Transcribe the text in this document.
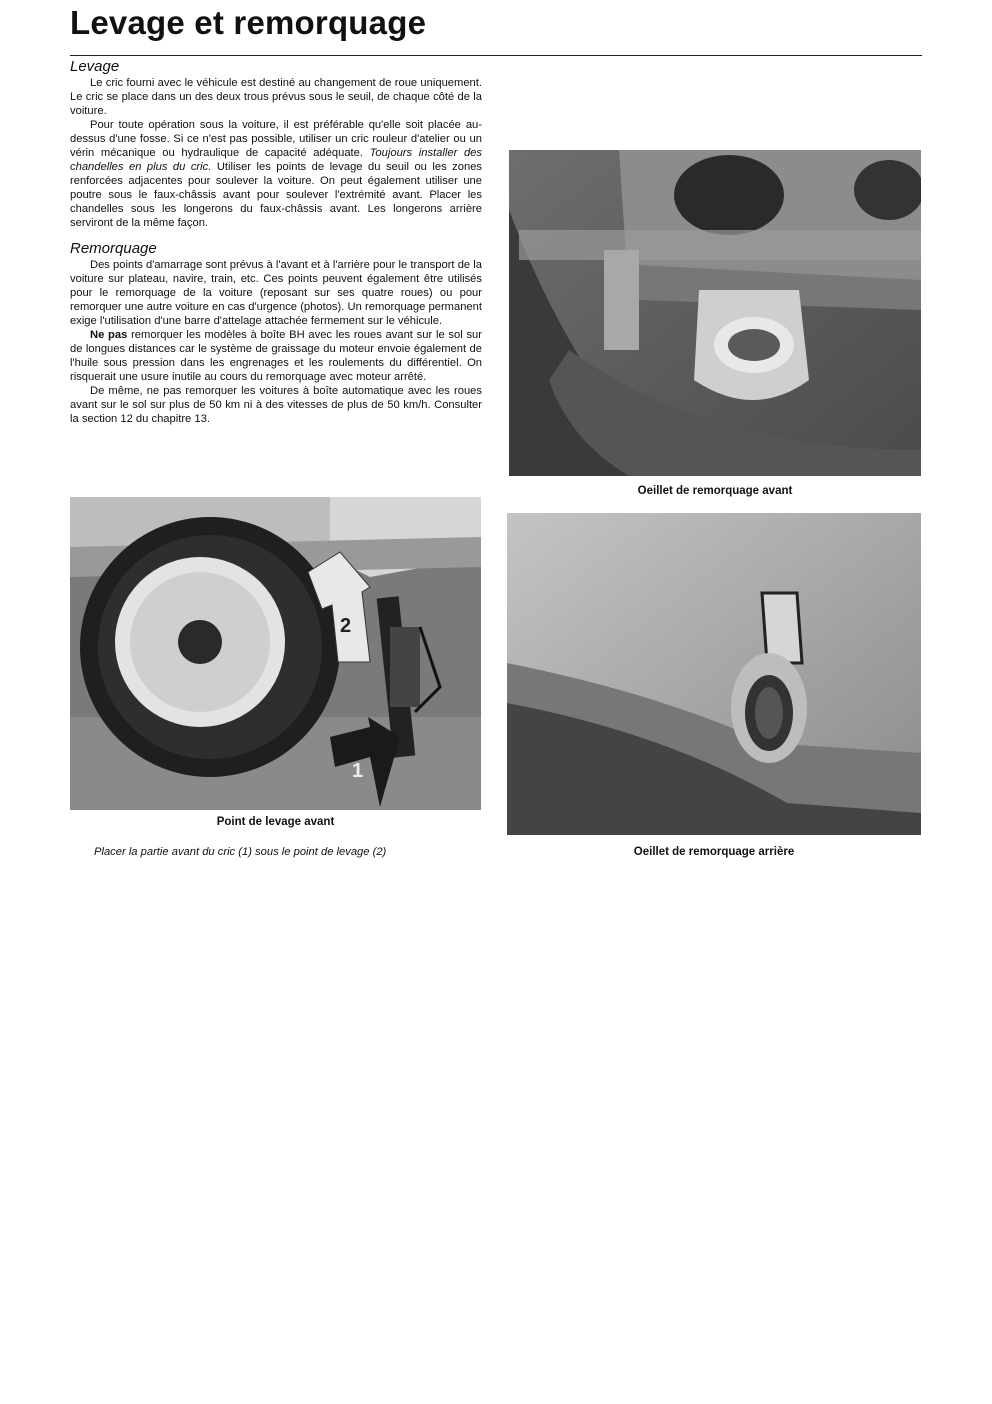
Levage et remorquage
Levage

Le cric fourni avec le véhicule est destiné au changement de roue uniquement. Le cric se place dans un des deux trous prévus sous le seuil, de chaque côté de la voiture.

Pour toute opération sous la voiture, il est préférable qu'elle soit placée au-dessus d'une fosse. Si ce n'est pas possible, utiliser un cric rouleur d'atelier ou un vérin mécanique ou hydraulique de capacité adéquate. Toujours installer des chandelles en plus du cric. Utiliser les points de levage du seuil ou les zones renforcées adjacentes pour soulever la voiture. On peut également utiliser une poutre sous le faux-châssis avant pour soulever l'extrémité avant. Placer les chandelles sous les longerons du faux-châssis avant. Les longerons arrière serviront de la même façon.

Remorquage

Des points d'amarrage sont prévus à l'avant et à l'arrière pour le transport de la voiture sur plateau, navire, train, etc. Ces points peuvent également être utilisés pour le remorquage de la voiture (reposant sur ses quatre roues) ou pour remorquer une autre voiture en cas d'urgence (photos). Un remorquage permanent exige l'utilisation d'une barre d'attelage attachée fermement sur le véhicule.

Ne pas remorquer les modèles à boîte BH avec les roues avant sur le sol sur de longues distances car le système de graissage du moteur envoie également de l'huile sous pression dans les engrenages et les roulements du différentiel. On risquerait une usure inutile au cours du remorquage avec moteur arrêté.

De même, ne pas remorquer les voitures à boîte automatique avec les roues avant sur le sol sur plus de 50 km ni à des vitesses de plus de 50 km/h. Consulter la section 12 du chapitre 13.

Oeillet de remorquage avant
2
1
Point de levage avant
Placer la partie avant du cric (1) sous le point de levage (2)	Oeillet de remorquage arrière
